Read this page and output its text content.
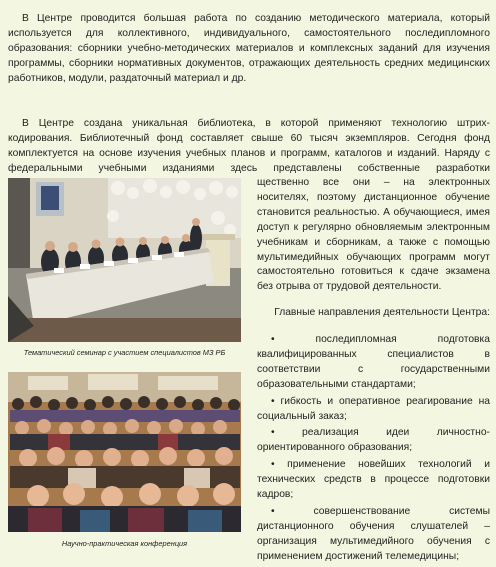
В Центре проводится большая работа по созданию методического материала, который используется для коллективного, индивидуального, самостоятельного последипломного образования: сборники учебно-методических материалов и комплексных заданий для изучения программы, сборники нормативных документов, отражающих деятельность средних медицинских работников, модули, раздаточный материал и др.

В Центре создана уникальная библиотека, в которой применяют технологию штрих-кодирования. Библиотечный фонд составляет свыше 60 тысяч экземпляров. Сегодня фонд комплектуется на основе изучения учебных планов и программ, каталогов и изданий. Наряду с федеральными учебными изданиями здесь представлены собственные разработки

щественно все они – на электронных носителях, поэтому дистанционное обучение становится реальностью. А обучающиеся, имея доступ к регулярно обновляемым электронным учебникам и сборникам, а также с помощью мультимедийных обучающих программ могут самостоятельно готовиться к сдаче экзамена без отрыва от трудовой деятельности.

Главные направления деятельности Центра:

• последипломная подготовка квалифицированных специалистов в соответствии с государственными образовательными стандартами;
• гибкость и оперативное реагирование на социальный заказ;
• реализация идеи личностно-ориентированного образования;
• применение новейших технологий и технических средств в процессе подготовки кадров;
• совершенствование системы дистанционного обучения слушателей – организация мультимедийного обучения с применением достижений телемедицины;

Тематический семинар с участием специалистов МЗ РБ

Научно-практическая конференция
